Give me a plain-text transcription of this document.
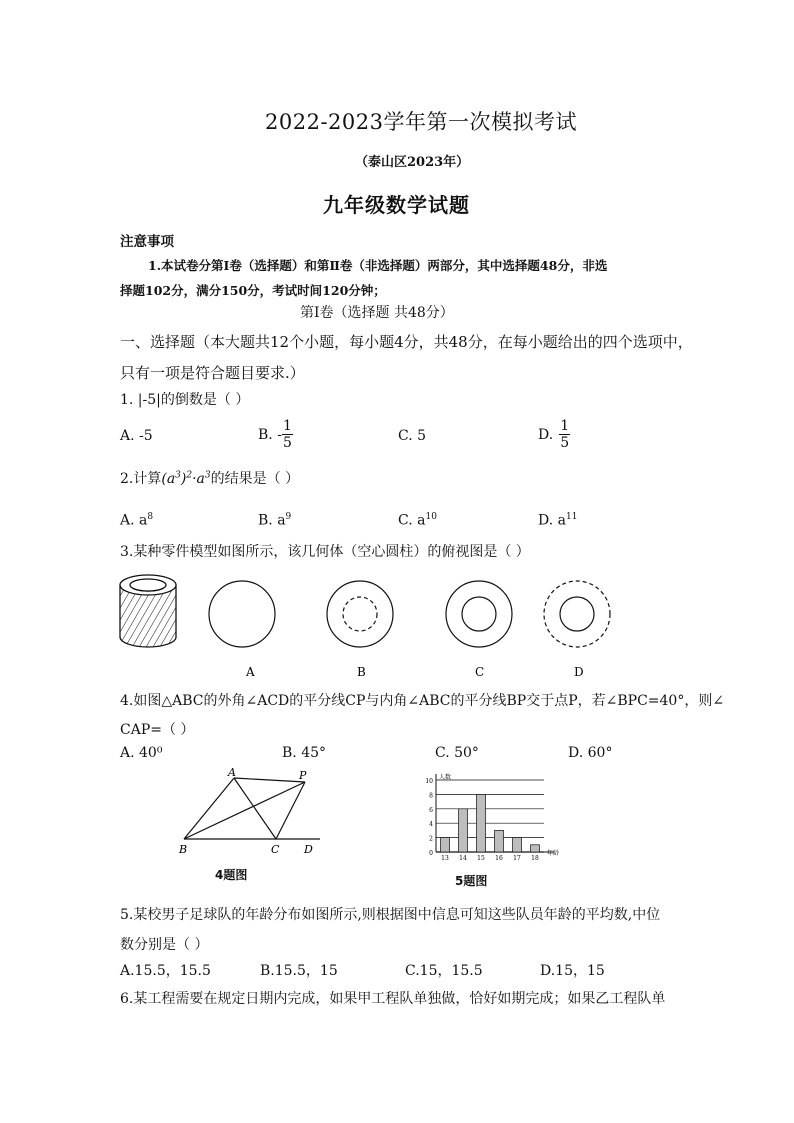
2022-2023学年第一次模拟考试
（泰山区2023年）
九年级数学试题
注意事项
1.本试卷分第Ⅰ卷（选择题）和第Ⅱ卷（非选择题）两部分，其中选择题48分，非选
择题102分，满分150分，考试时间120分钟；
第Ⅰ卷（选择题 共48分）
一、选择题（本大题共12个小题，每小题4分，共48分，在每小题给出的四个选项中，
只有一项是符合题目要求.）
1. |-5|的倒数是（ ）
A. -5	B. - $\frac{1}{5}$	C. 5	D. $\frac{1}{5}$
2.计算$(a^3)^2\cdot a^3$的结果是（ ）
A. $a^8$	B. $a^9$	C. $a^{10}$	D. $a^{11}$
3.某种零件模型如图所示，该几何体（空心圆柱）的俯视图是（ ）
A	B	C	D
4.如图△ABC的外角∠ACD的平分线CP与内角∠ABC的平分线BP交于点P，若∠BPC=40°，则∠
CAP=（ ）
A. 40⁰	B. 45°	C. 50°	D. 60°
A	P
B	C D
4题图
0
2
4
6
8
10
人数
年龄
13 14 15 16 17 18
5题图
5.某校男子足球队的年龄分布如图所示,则根据图中信息可知这些队员年龄的平均数,中位
数分别是（ ）
A.15.5，15.5	B.15.5，15	C.15，15.5	D.15，15
6.某工程需要在规定日期内完成，如果甲工程队单独做，恰好如期完成；如果乙工程队单
